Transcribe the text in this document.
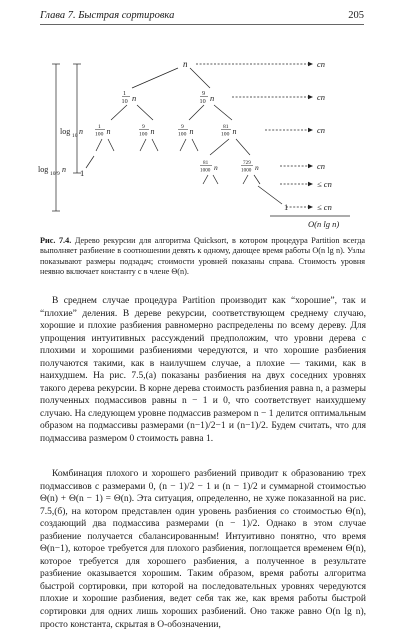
Глава 7. Быстрая сортировка	205
n
1
10 n	9
10 n
1
100 n	9
100 n	9
100 n	81
100 n
81
1000 n	729
1000 n
1
1
cn
cn
cn
cn
≤ cn
≤ cn
log 10 n
log 10/9 n
O(n lg n)
Рис. 7.4. Дерево рекурсии для алгоритма Quicksort, в котором процедура Partition всегда выполняет разбиение в соотношении девять к одному, дающее время работы O(n lg n). Узлы показывают размеры подзадач; стоимости уровней показаны справа. Стоимость уровня неявно включает константу c в члене Θ(n).
В среднем случае процедура Partition производит как “хорошие”, так и “плохие” деления. В дереве рекурсии, соответствующем среднему случаю, хорошие и плохие разбиения равномерно распределены по всему дереву. Для упрощения интуитивных рассуждений предположим, что уровни дерева с плохими и хорошими разбиениями чередуются, и что хорошие разбиения получаются такими, как в наилучшем случае, а плохие — такими, как в наихудшем. На рис. 7.5,(а) показаны разбиения на двух соседних уровнях такого дерева рекурсии. В корне дерева стоимость разбиения равна n, а размеры полученных подмассивов равны n − 1 и 0, что соответствует наихудшему случаю. На следующем уровне подмассив размером n − 1 делится оптимальным образом на подмассивы размерами (n−1)/2−1 и (n−1)/2. Будем считать, что для подмассива размером 0 стоимость равна 1.
Комбинация плохого и хорошего разбиений приводит к образованию трех подмассивов с размерами 0, (n − 1)/2 − 1 и (n − 1)/2 и суммарной стоимостью Θ(n) + Θ(n − 1) = Θ(n). Эта ситуация, определенно, не хуже показанной на рис. 7.5,(б), на котором представлен один уровень разбиения со стоимостью Θ(n), создающий два подмассива размерами (n − 1)/2. Однако в этом случае разбиение получается сбалансированным! Интуитивно понятно, что время Θ(n−1), которое требуется для плохого разбиения, поглощается временем Θ(n), которое требуется для хорошего разбиения, а полученное в результате разбиение оказывается хорошим. Таким образом, время работы алгоритма быстрой сортировки, при которой на последовательных уровнях чередуются плохие и хорошие разбиения, ведет себя так же, как время работы быстрой сортировки для одних лишь хороших разбиений. Оно также равно O(n lg n), просто константа, скрытая в O-обозначении,
